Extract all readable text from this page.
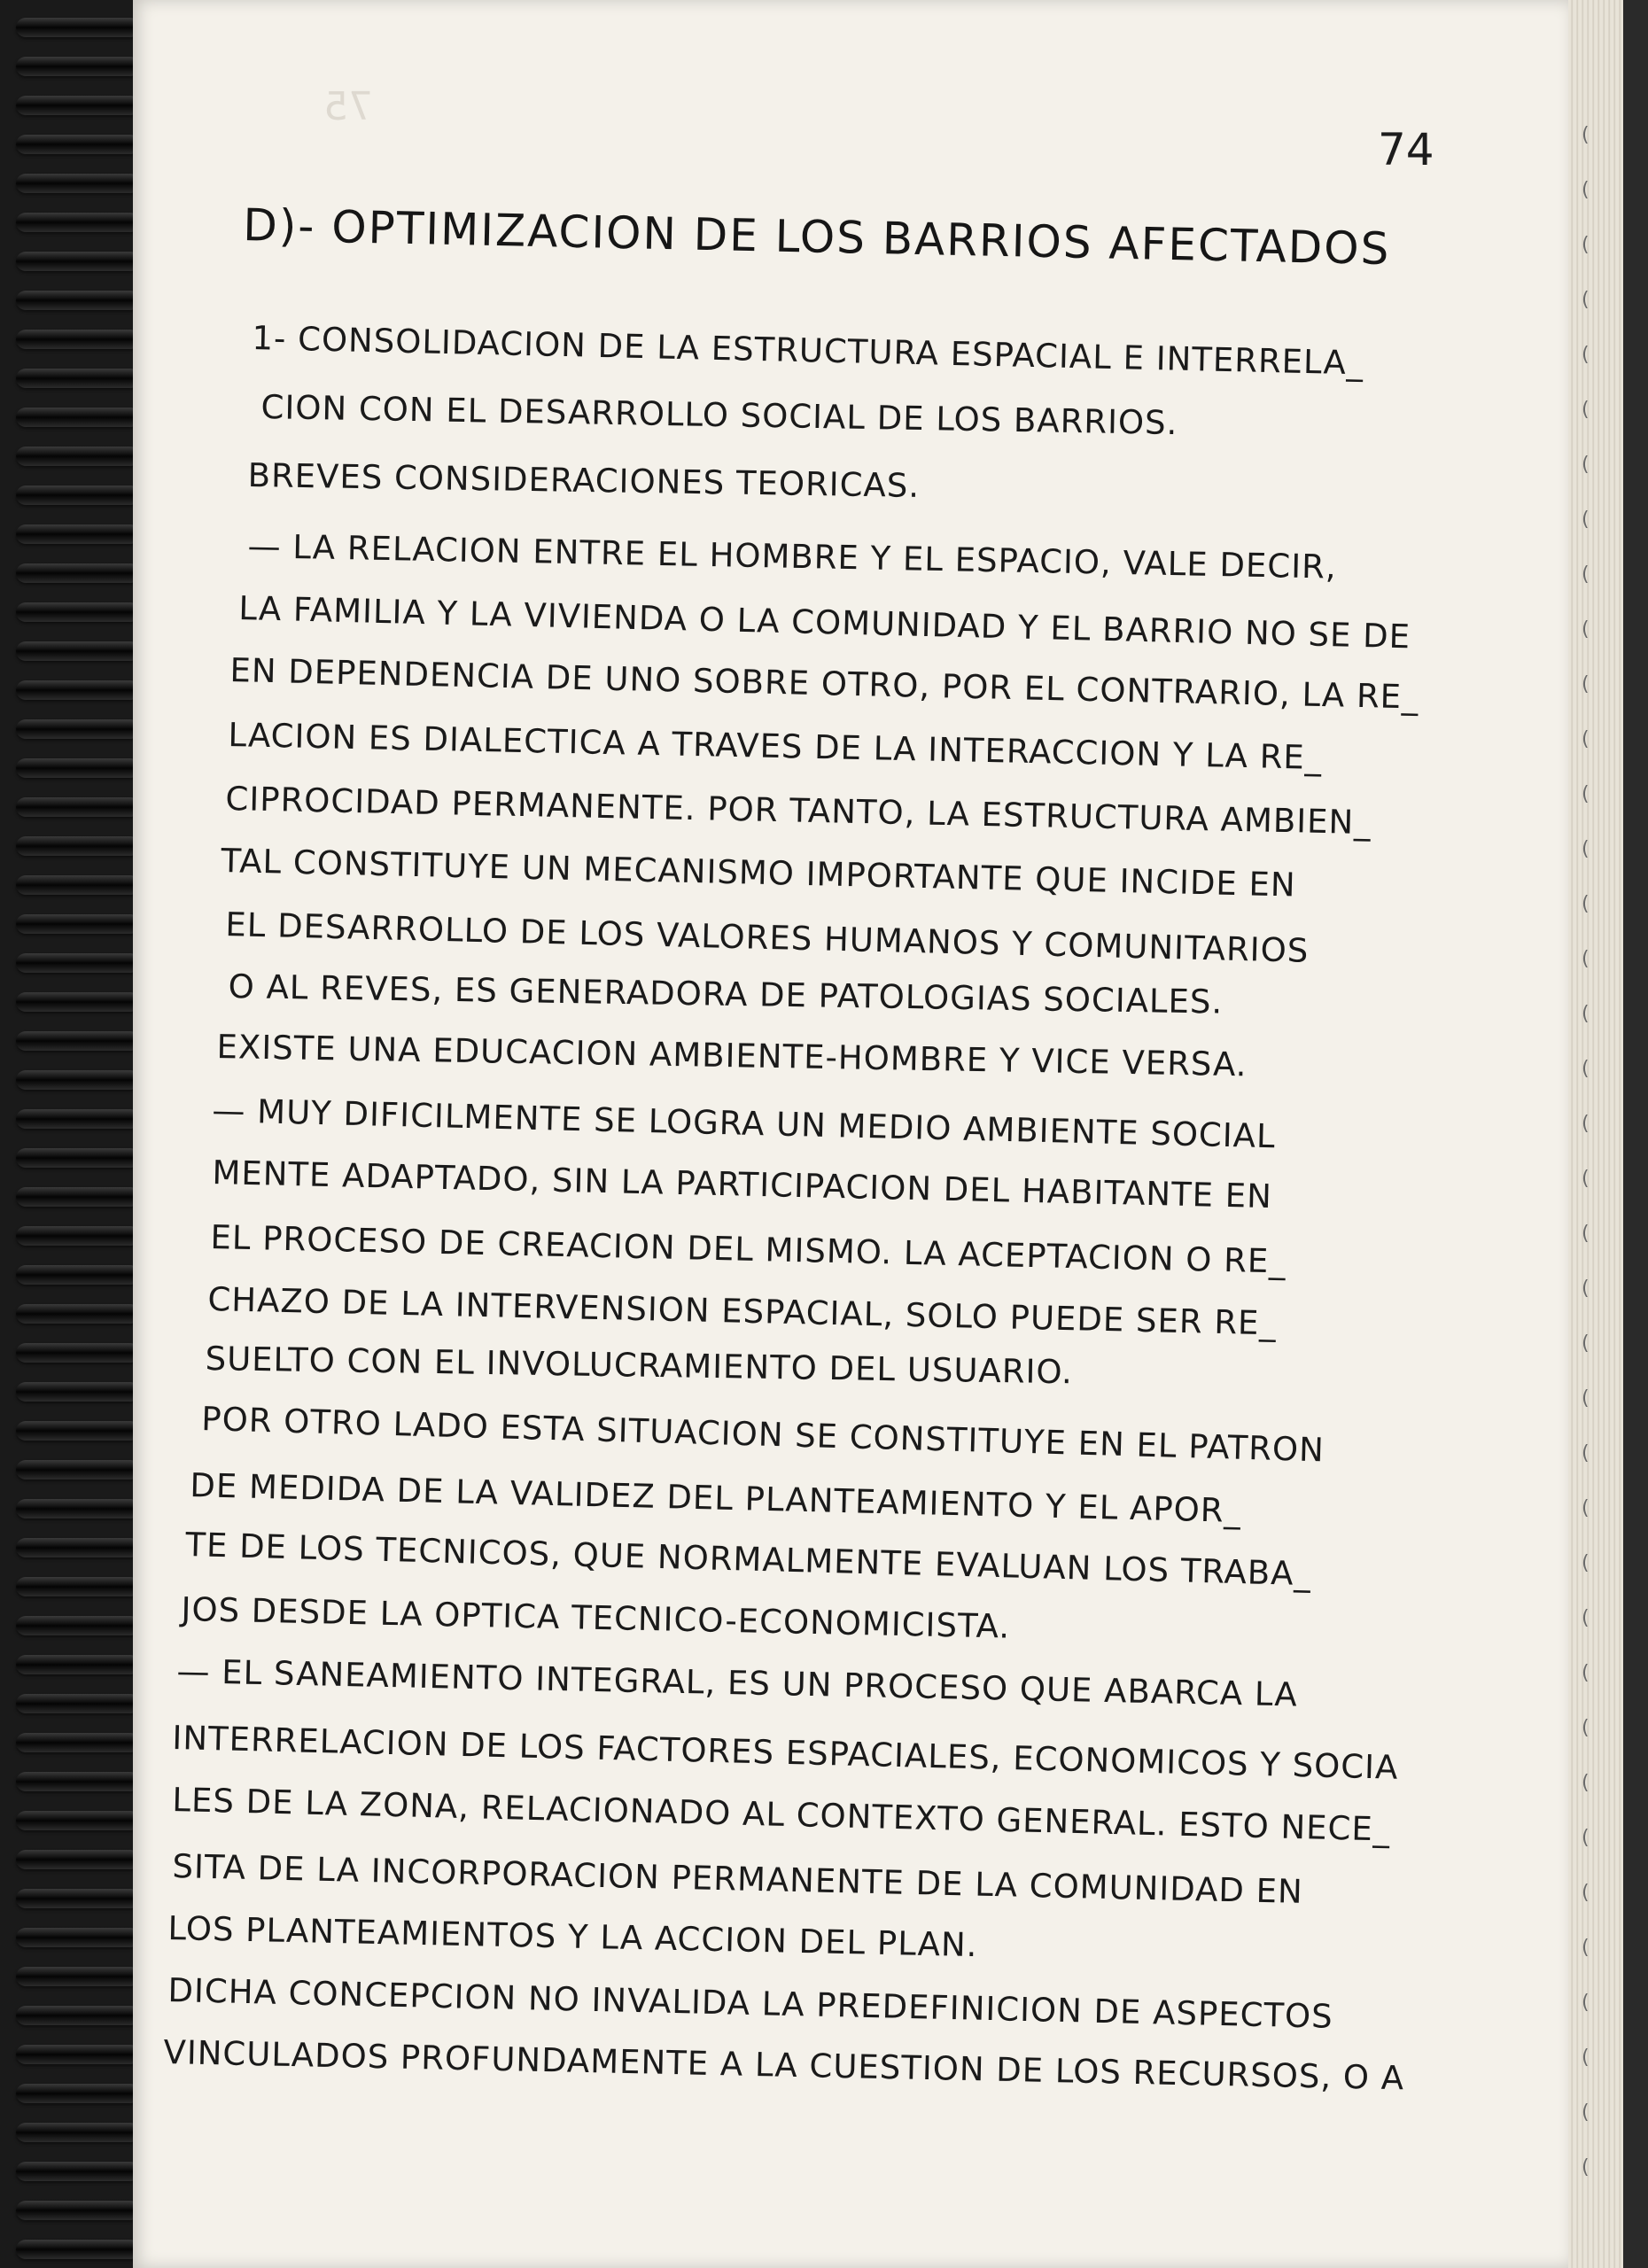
(
(
(
(
(
(
(
(
(
(
(
(
(
(
(
(
(
(
(
(
(
(
(
(
(
(
(
(
(
(
(
(
(
(
(
(
(
(
75
74
D)- OPTIMIZACION DE LOS BARRIOS AFECTADOS
1- CONSOLIDACION DE LA ESTRUCTURA ESPACIAL E INTERRELA_
CION CON EL DESARROLLO SOCIAL DE LOS BARRIOS.
BREVES CONSIDERACIONES TEORICAS.
— LA RELACION ENTRE EL HOMBRE Y EL ESPACIO, VALE DECIR,
LA FAMILIA Y LA VIVIENDA O LA COMUNIDAD Y EL BARRIO NO SE DE
EN DEPENDENCIA DE UNO SOBRE OTRO, POR EL CONTRARIO, LA RE_
LACION ES DIALECTICA A TRAVES DE LA INTERACCION Y LA RE_
CIPROCIDAD PERMANENTE. POR TANTO, LA ESTRUCTURA AMBIEN_
TAL CONSTITUYE UN MECANISMO IMPORTANTE QUE INCIDE EN
EL DESARROLLO DE LOS VALORES HUMANOS Y COMUNITARIOS
O AL REVES, ES GENERADORA DE PATOLOGIAS SOCIALES.
EXISTE UNA EDUCACION AMBIENTE-HOMBRE Y VICE VERSA.
— MUY DIFICILMENTE SE LOGRA UN MEDIO AMBIENTE SOCIAL
MENTE ADAPTADO, SIN LA PARTICIPACION DEL HABITANTE EN
EL PROCESO DE CREACION DEL MISMO. LA ACEPTACION O RE_
CHAZO DE LA INTERVENSION ESPACIAL, SOLO PUEDE SER RE_
SUELTO CON EL INVOLUCRAMIENTO DEL USUARIO.
POR OTRO LADO ESTA SITUACION SE CONSTITUYE EN EL PATRON
DE MEDIDA DE LA VALIDEZ DEL PLANTEAMIENTO Y EL APOR_
TE DE LOS TECNICOS, QUE NORMALMENTE EVALUAN LOS TRABA_
JOS DESDE LA OPTICA TECNICO-ECONOMICISTA.
— EL SANEAMIENTO INTEGRAL, ES UN PROCESO QUE ABARCA LA
INTERRELACION DE LOS FACTORES ESPACIALES, ECONOMICOS Y SOCIA
LES DE LA ZONA, RELACIONADO AL CONTEXTO GENERAL. ESTO NECE_
SITA DE LA INCORPORACION PERMANENTE DE LA COMUNIDAD EN
LOS PLANTEAMIENTOS Y LA ACCION DEL PLAN.
DICHA CONCEPCION NO INVALIDA LA PREDEFINICION DE ASPECTOS
VINCULADOS PROFUNDAMENTE A LA CUESTION DE LOS RECURSOS, O A
